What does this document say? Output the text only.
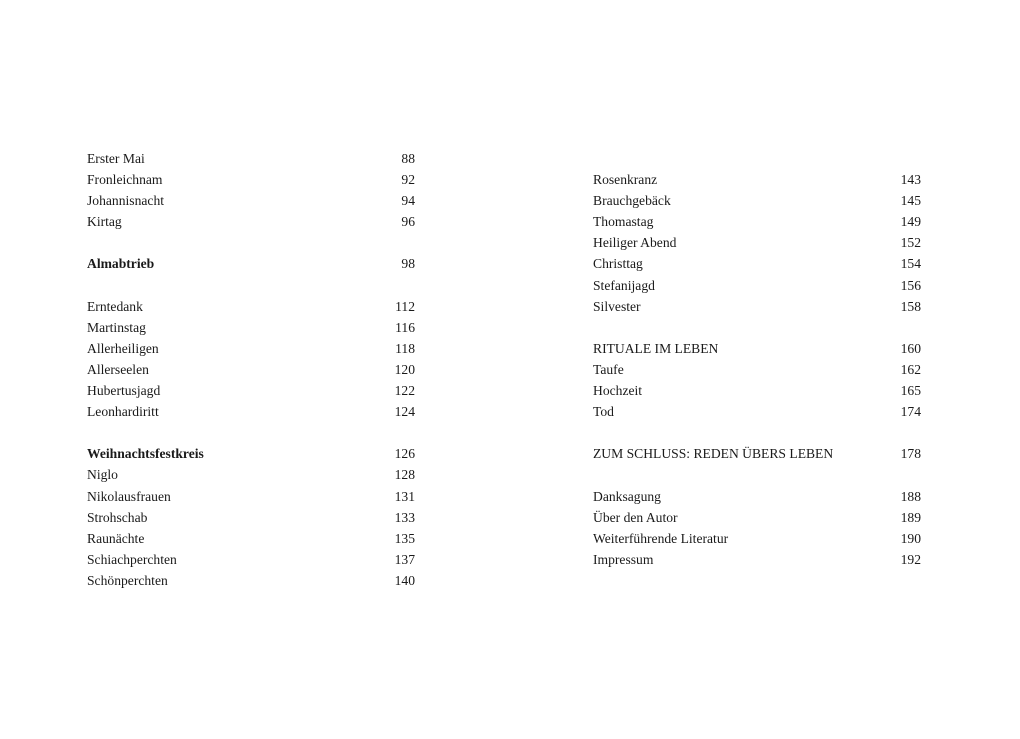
Erster Mai	88
Fronleichnam	92
Johannisnacht	94
Kirtag	96
Almabtrieb	98
Erntedank	112
Martinstag	116
Allerheiligen	118
Allerseelen	120
Hubertusjagd	122
Leonhardiritt	124
Weihnachtsfestkreis	126
Niglo	128
Nikolausfrauen	131
Strohschab	133
Raunächte	135
Schiachperchten	137
Schönperchten	140
Rosenkranz	143
Brauchgebäck	145
Thomastag	149
Heiliger Abend	152
Christtag	154
Stefanijagd	156
Silvester	158
RITUALE IM LEBEN	160
Taufe	162
Hochzeit	165
Tod	174
ZUM SCHLUSS: REDEN ÜBERS LEBEN	178
Danksagung	188
Über den Autor	189
Weiterführende Literatur	190
Impressum	192
